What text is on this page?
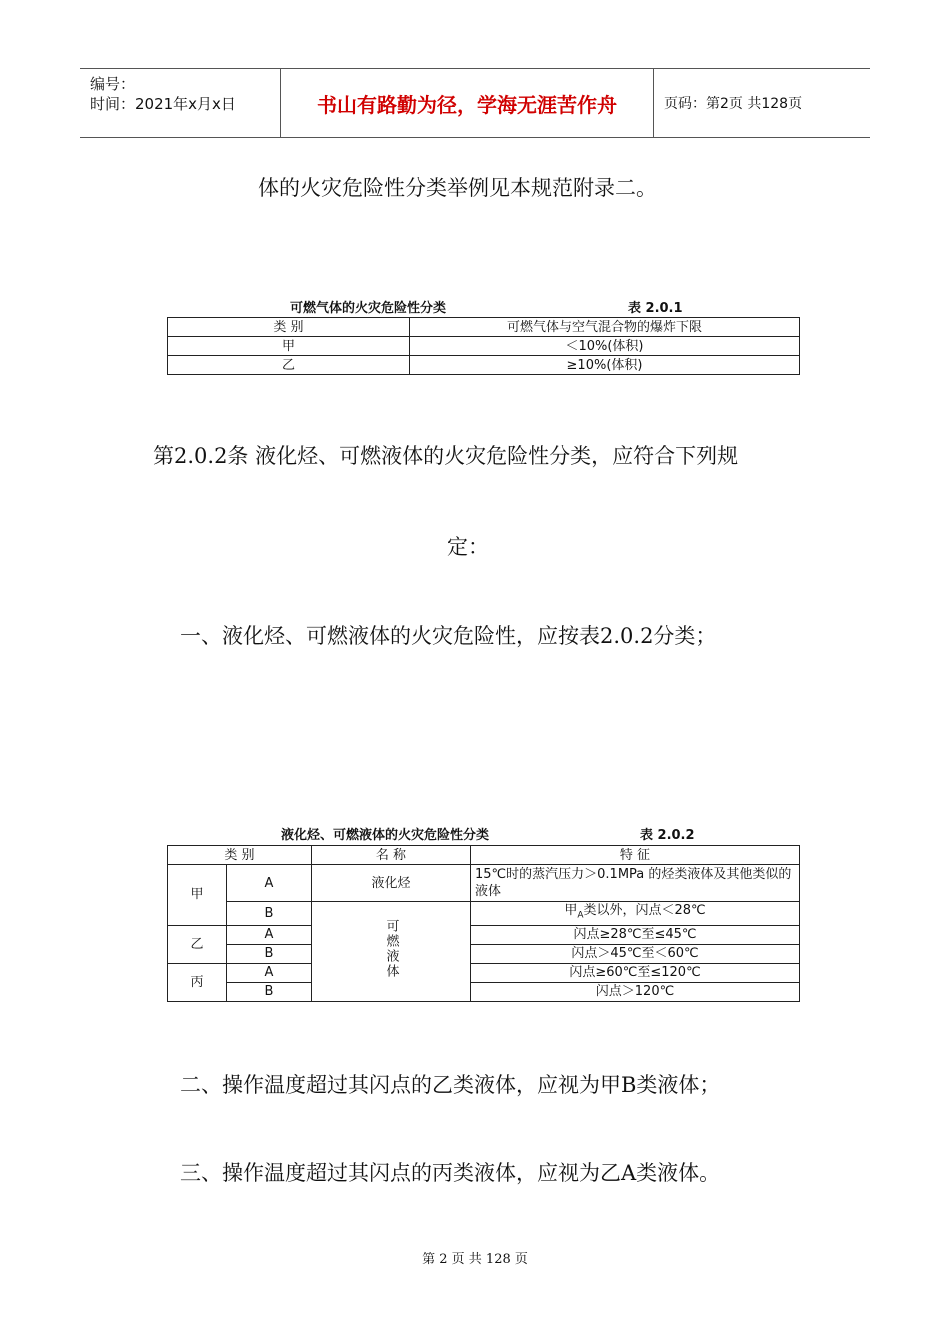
编号：
时间：2021年x月x日	书山有路勤为径，学海无涯苦作舟	页码：第2页 共128页
体的火灾危险性分类举例见本规范附录二。
可燃气体的火灾危险性分类	表 2.0.1
类 别	可燃气体与空气混合物的爆炸下限
甲	＜10%(体积)
乙	≥10%(体积)
第2.0.2条 液化烃、可燃液体的火灾危险性分类，应符合下列规
定：
一、液化烃、可燃液体的火灾危险性，应按表2.0.2分类；
液化烃、可燃液体的火灾危险性分类	表 2.0.2
类 别		名 称	特 征
甲	A	液化烃	15℃时的蒸汽压力＞0.1MPa 的烃类液体及其他类似的液体
	B	可燃液体	甲$_A$类以外，闪点＜28℃
乙	A		闪点≥28℃至≤45℃
	B		闪点＞45℃至＜60℃
丙	A		闪点≥60℃至≤120℃
	B		闪点＞120℃
二、操作温度超过其闪点的乙类液体，应视为甲B类液体；
三、操作温度超过其闪点的丙类液体，应视为乙A类液体。
第 2 页 共 128 页
